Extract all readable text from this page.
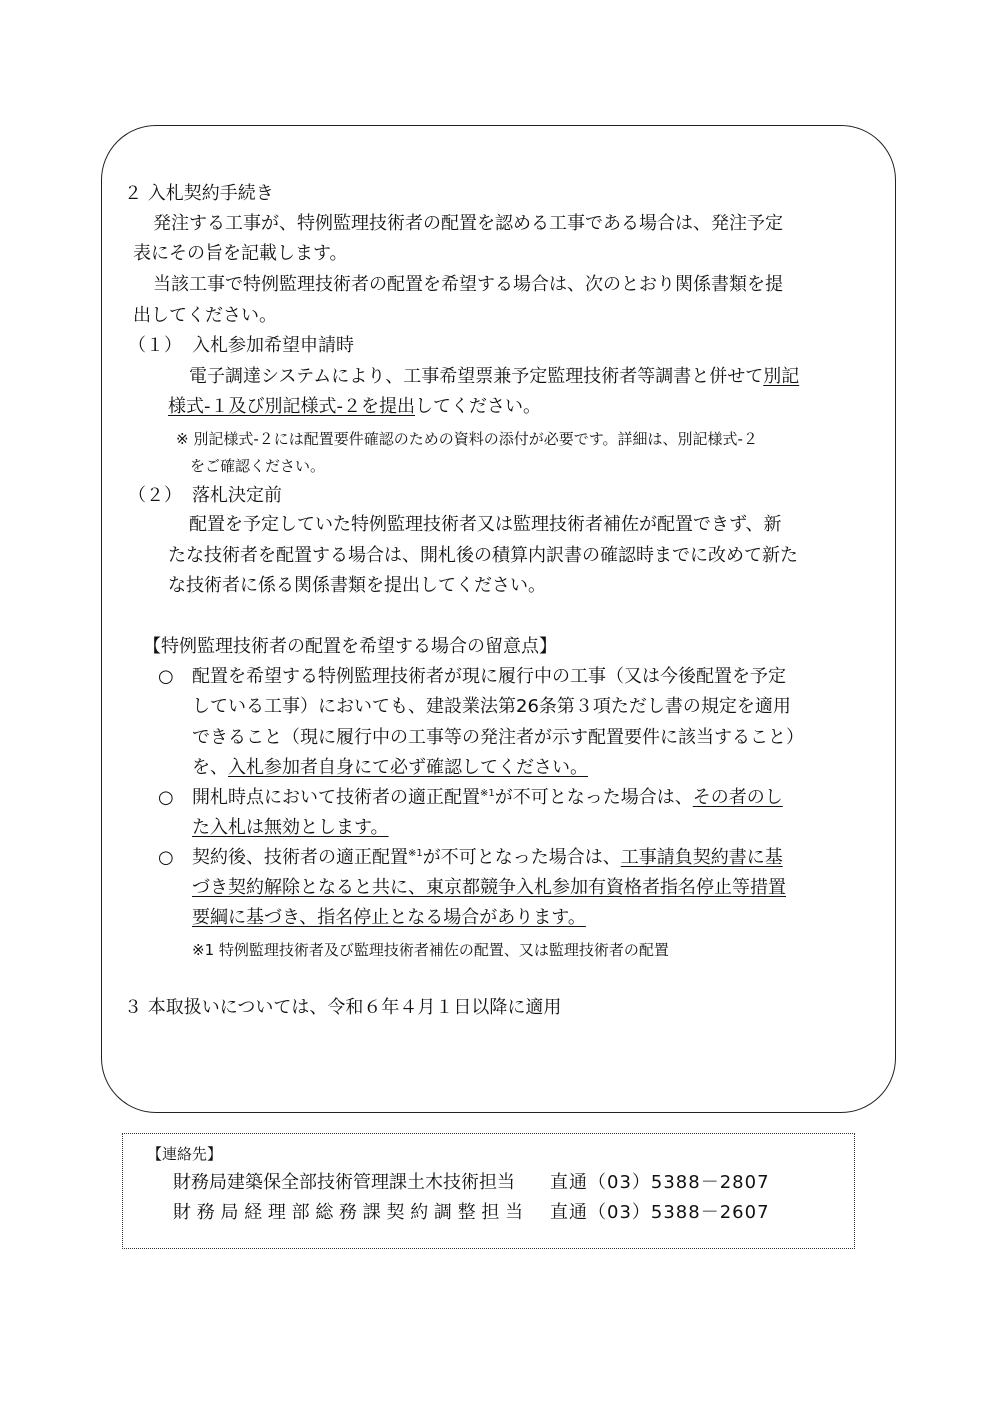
２ 入札契約手続き
発注する工事が、特例監理技術者の配置を認める工事である場合は、発注予定
表にその旨を記載します。
当該工事で特例監理技術者の配置を希望する場合は、次のとおり関係書類を提
出してください。
（１） 入札参加希望申請時
電子調達システムにより、工事希望票兼予定監理技術者等調書と併せて別記
様式-１及び別記様式-２を提出してください。
※ 別記様式-２には配置要件確認のための資料の添付が必要です。詳細は、別記様式-２
をご確認ください。
（２） 落札決定前
配置を予定していた特例監理技術者又は監理技術者補佐が配置できず、新
たな技術者を配置する場合は、開札後の積算内訳書の確認時までに改めて新た
な技術者に係る関係書類を提出してください。
【特例監理技術者の配置を希望する場合の留意点】
○ 配置を希望する特例監理技術者が現に履行中の工事（又は今後配置を予定
している工事）においても、建設業法第26条第３項ただし書の規定を適用
できること（現に履行中の工事等の発注者が示す配置要件に該当すること）
を、入札参加者自身にて必ず確認してください。
○ 開札時点において技術者の適正配置$^{※1}$が不可となった場合は、その者のし
た入札は無効とします。
○ 契約後、技術者の適正配置$^{※1}$が不可となった場合は、工事請負契約書に基
づき契約解除となると共に、東京都競争入札参加有資格者指名停止等措置
要綱に基づき、指名停止となる場合があります。
※1 特例監理技術者及び監理技術者補佐の配置、又は監理技術者の配置
３ 本取扱いについては、令和６年４月１日以降に適用
【連絡先】
財務局建築保全部技術管理課土木技術担当 直通（03）5388－2807
財 務 局 経 理 部 総 務 課 契 約 調 整 担 当 直通（03）5388－2607
